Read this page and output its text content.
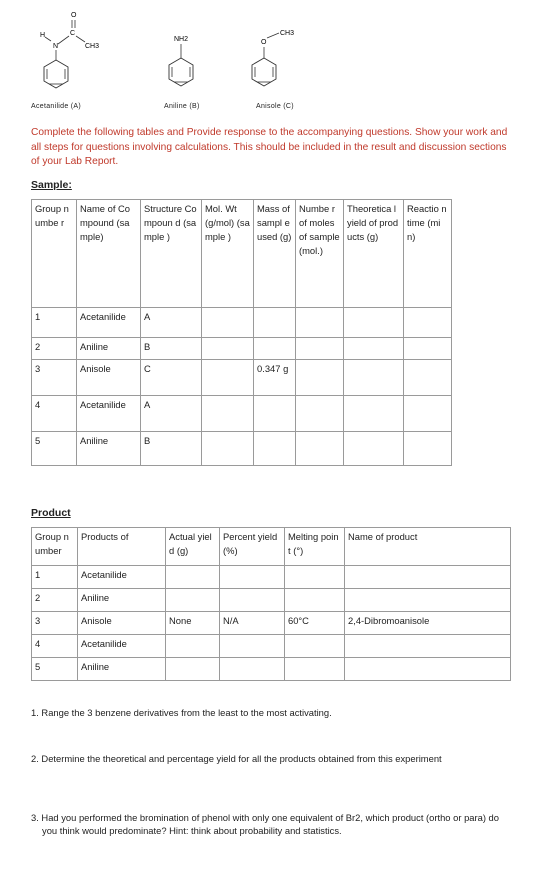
O
C
H
N	CH3
NH2
CH3
O
Acetanilide (A)	Aniline (B)	Anisole (C)
Complete the following tables and Provide response to the accompanying questions. Show your work and all steps for questions involving calculations. This should be included in the result and discussion sections of your Lab Report.
Sample:
Group numbe r	Name of Compound (sample)	Structure Compoun d (sample )	Mol. Wt (g/mol) (sample )	Mass of sampl e used (g)	Numbe r of moles of sample (mol.)	Theoretica l yield of products (g)	Reactio n time (min)
1	Acetanilide	A					
2	Aniline	B					
3	Anisole	C		0.347 g			
4	Acetanilide	A					
5	Aniline	B					
Product
Group number	Products of	Actual yield (g)	Percent yield (%)	Melting point (°)	Name of product
1	Acetanilide				
2	Aniline				
3	Anisole	None	N/A	60°C	2,4-Dibromoanisole
4	Acetanilide				
5	Aniline				
1. Range the 3 benzene derivatives from the least to the most activating.
2. Determine the theoretical and percentage yield for all the products obtained from this experiment
3. Had you performed the bromination of phenol with only one equivalent of Br2, which product (ortho or para) do you think would predominate? Hint: think about probability and statistics.
